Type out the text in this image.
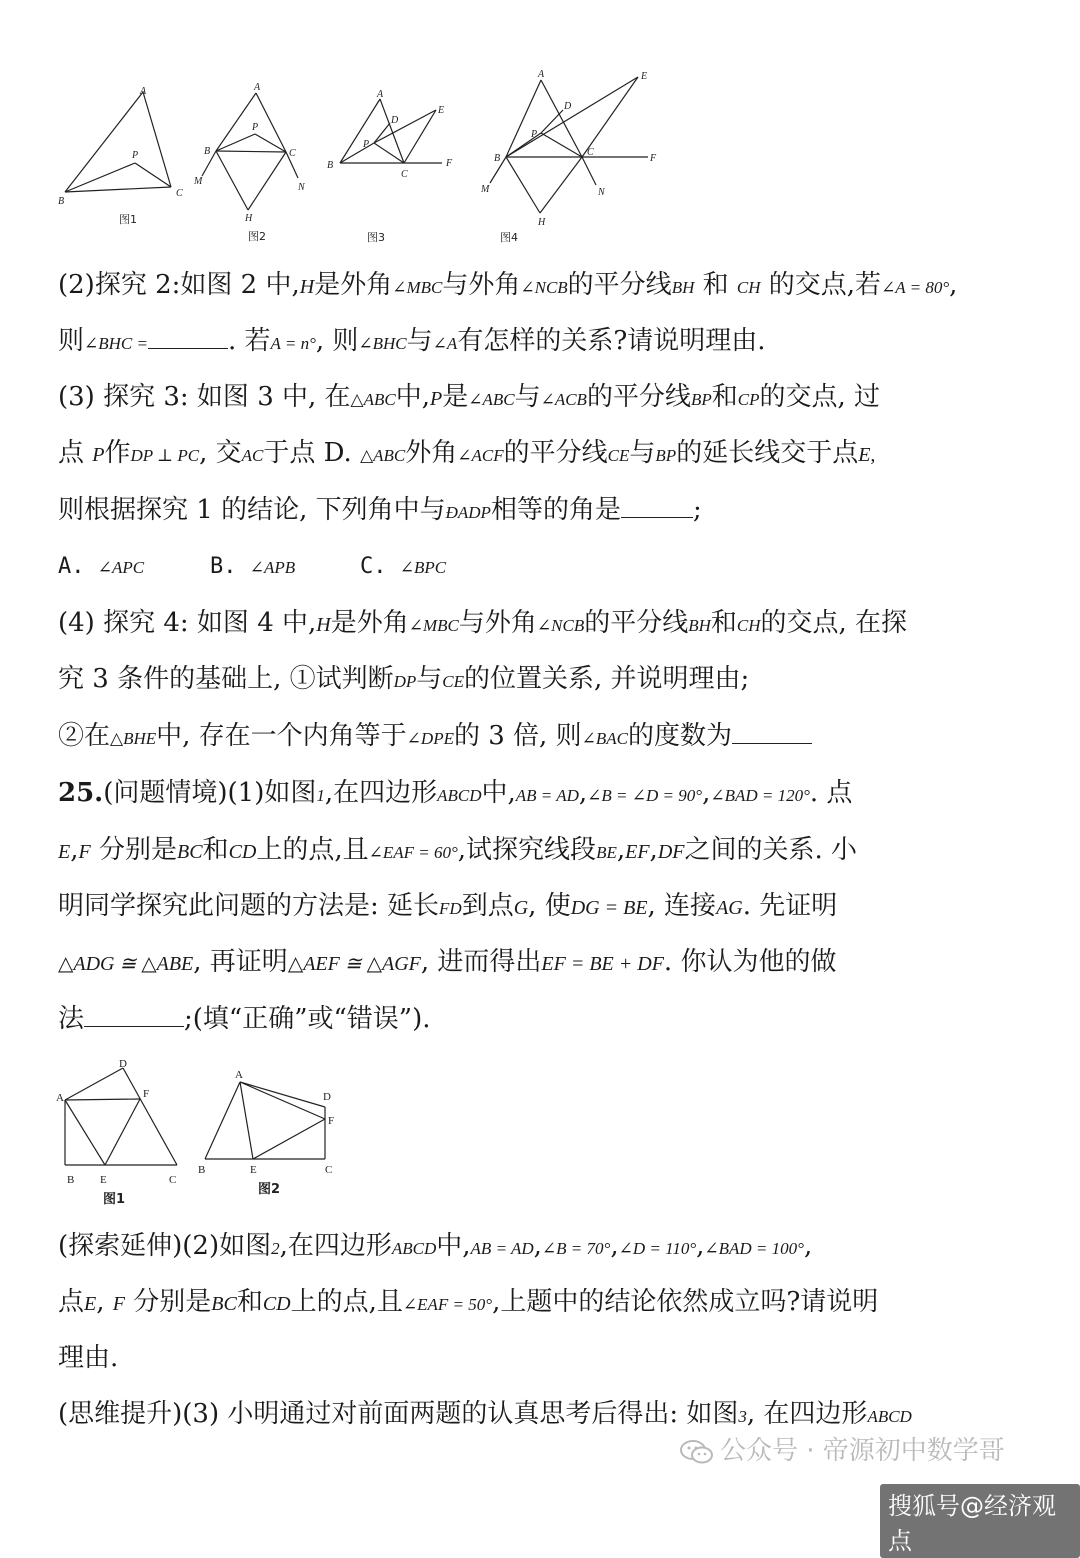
A
B
C
P
图1
A
B	C
P
H
M
N
图2
A
B
C
P
D
E
F
图3
A
B
C
P
D
E
F
H
M	N
图4
(2)探究 2:如图 2 中,H是外角∠MBC与外角∠NCB的平分线BH 和 CH 的交点,若∠A = 80°,
则∠BHC =	. 若A = n°, 则∠BHC与∠A有怎样的关系?请说明理由.
(3) 探究 3: 如图 3 中, 在△ABC中,P是∠ABC与∠ACB的平分线BP和CP的交点, 过
点 P作DP ⊥ PC, 交AC于点 D. △ABC外角∠ACF的平分线CE与BP的延长线交于点E,
则根据探究 1 的结论, 下列角中与ÐADP相等的角是	;
A. ∠APC	B. ∠APB	C. ∠BPC
(4) 探究 4: 如图 4 中,H是外角∠MBC与外角∠NCB的平分线BH和CH的交点, 在探
究 3 条件的基础上, ①试判断DP与CE的位置关系, 并说明理由;
②在△BHE中, 存在一个内角等于∠DPE的 3 倍, 则∠BAC的度数为
25.(问题情境)(1)如图1,在四边形ABCD中,AB = AD,∠B = ∠D = 90°,∠BAD = 120°. 点
E,F 分别是BC和CD上的点,且∠EAF = 60°,试探究线段BE,EF,DF之间的关系. 小
明同学探究此问题的方法是: 延长FD到点G, 使DG = BE, 连接AG. 先证明
△ADG ≅ △ABE, 再证明△AEF ≅ △AGF, 进而得出EF = BE + DF. 你认为他的做
法	;(填“正确”或“错误”).
D
A	F
B E	C
图1
A
D
F
B	E	C
图2
(探索延伸)(2)如图2,在四边形ABCD中,AB = AD,∠B = 70°,∠D = 110°,∠BAD = 100°,
点E, F 分别是BC和CD上的点,且∠EAF = 50°,上题中的结论依然成立吗?请说明
理由.
(思维提升)(3) 小明通过对前面两题的认真思考后得出: 如图3, 在四边形ABCD
公众号 · 帝源初中数学哥
搜狐号@经济观点
